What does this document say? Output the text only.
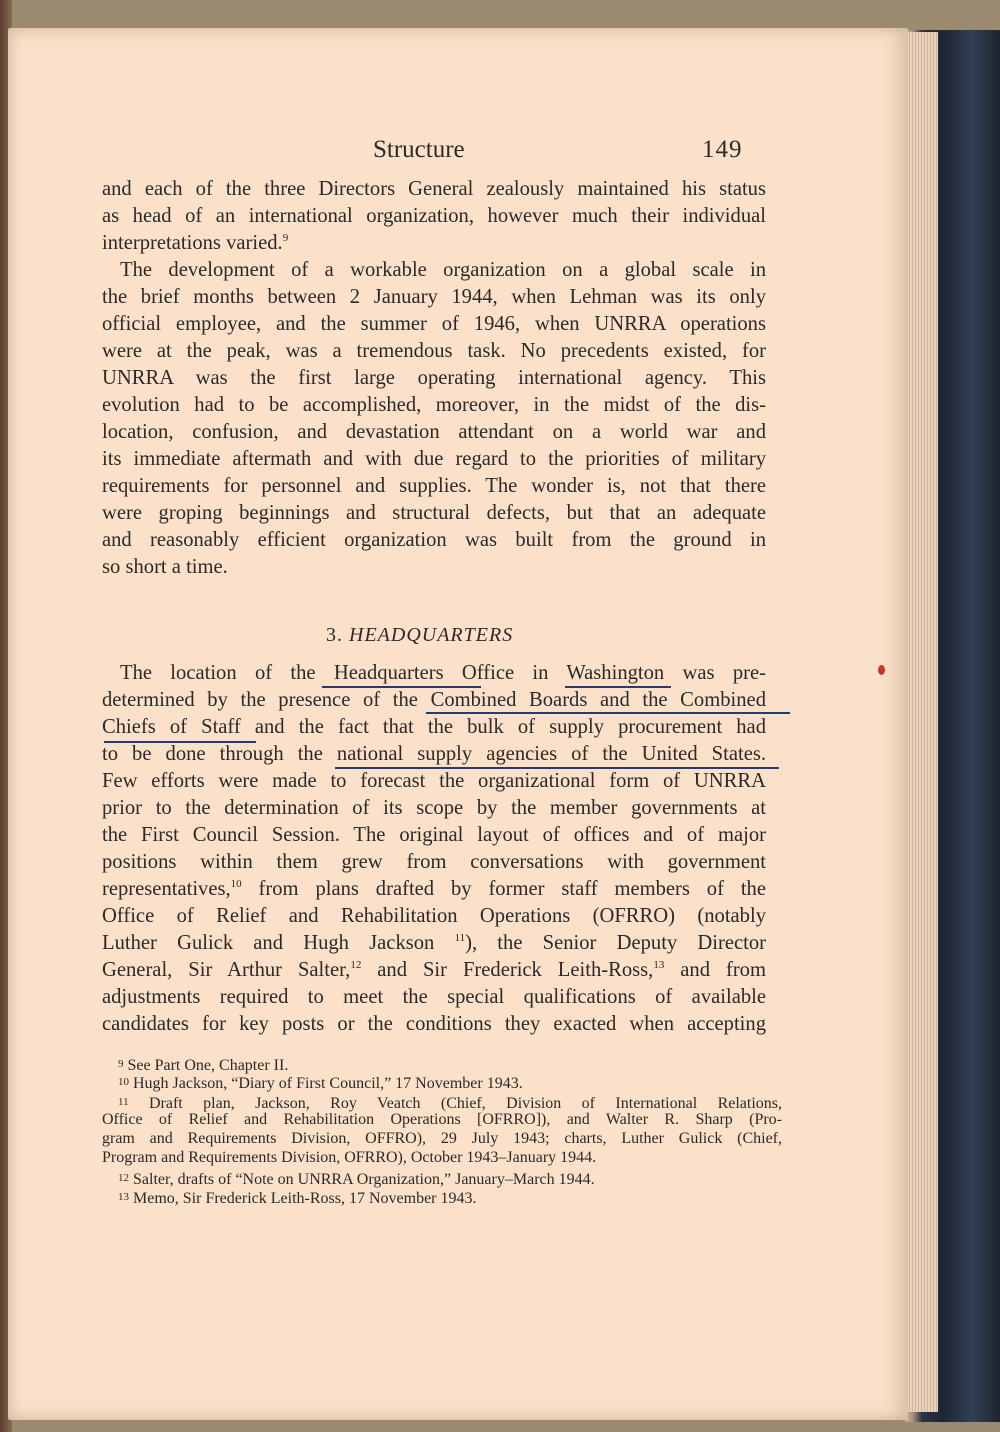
Structure	149
and each of the three Directors General zealously maintained his status
as head of an international organization, however much their individual
interpretations varied.$^9$
The development of a workable organization on a global scale in
the brief months between 2 January 1944, when Lehman was its only
official employee, and the summer of 1946, when UNRRA operations
were at the peak, was a tremendous task. No precedents existed, for
UNRRA was the first large operating international agency. This
evolution had to be accomplished, moreover, in the midst of the dis-
location, confusion, and devastation attendant on a world war and
its immediate aftermath and with due regard to the priorities of military
requirements for personnel and supplies. The wonder is, not that there
were groping beginnings and structural defects, but that an adequate
and reasonably efficient organization was built from the ground in
so short a time.
3. HEADQUARTERS
The location of the Headquarters Office in Washington was pre-
determined by the presence of the Combined Boards and the Combined
Chiefs of Staff and the fact that the bulk of supply procurement had
to be done through the national supply agencies of the United States.
Few efforts were made to forecast the organizational form of UNRRA
prior to the determination of its scope by the member governments at
the First Council Session. The original layout of offices and of major
positions within them grew from conversations with government
representatives,$^{10}$ from plans drafted by former staff members of the
Office of Relief and Rehabilitation Operations (OFRRO) (notably
Luther Gulick and Hugh Jackson $^{11}$), the Senior Deputy Director
General, Sir Arthur Salter,$^{12}$ and Sir Frederick Leith-Ross,$^{13}$ and from
adjustments required to meet the special qualifications of available
candidates for key posts or the conditions they exacted when accepting
9 See Part One, Chapter II.
10 Hugh Jackson, “Diary of First Council,” 17 November 1943.
11 Draft plan, Jackson, Roy Veatch (Chief, Division of International Relations,
Office of Relief and Rehabilitation Operations [OFRRO]), and Walter R. Sharp (Pro-
gram and Requirements Division, OFFRO), 29 July 1943; charts, Luther Gulick (Chief,
Program and Requirements Division, OFRRO), October 1943–January 1944.
12 Salter, drafts of “Note on UNRRA Organization,” January–March 1944.
13 Memo, Sir Frederick Leith-Ross, 17 November 1943.
